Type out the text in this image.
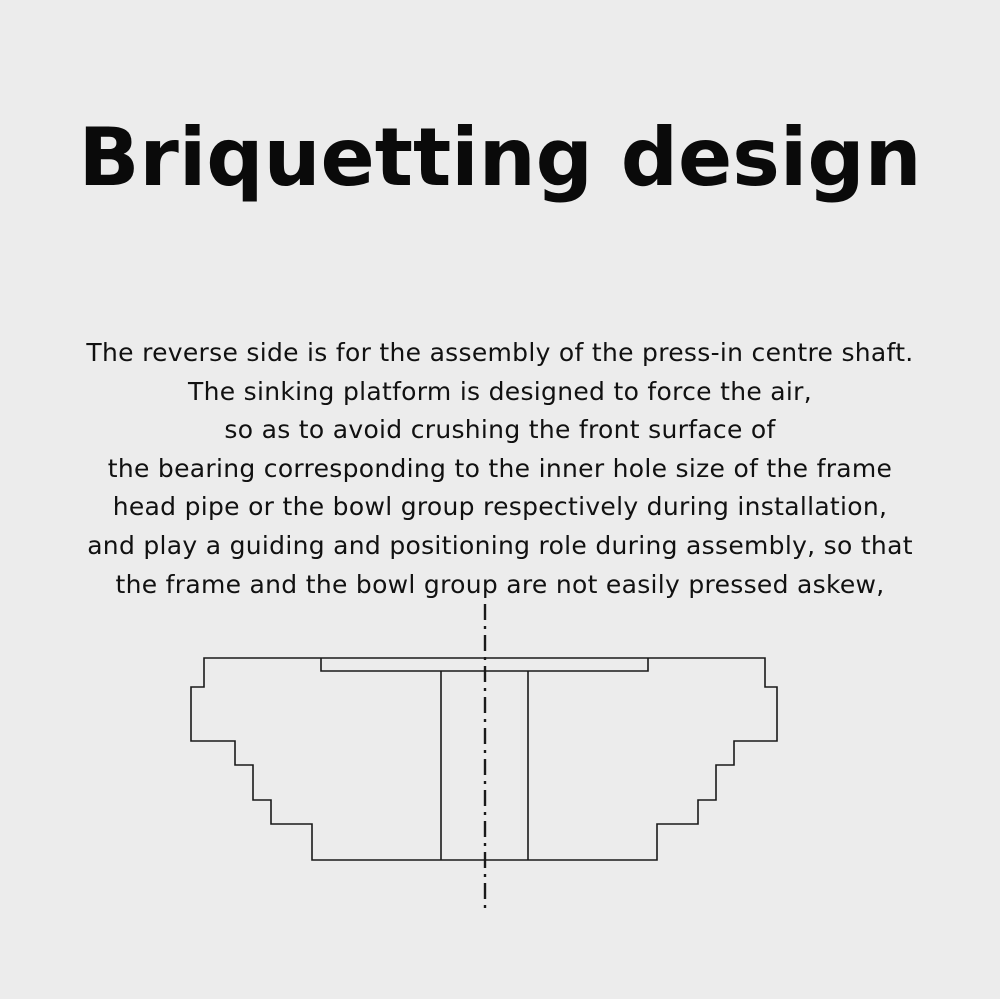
Briquetting design
The reverse side is for the assembly of the press-in centre shaft.
The sinking platform is designed to force the air,
so as to avoid crushing the front surface of
the bearing corresponding to the inner hole size of the frame
head pipe or the bowl group respectively during installation,
and play a guiding and positioning role during assembly, so that
the frame and the bowl group are not easily pressed askew,
